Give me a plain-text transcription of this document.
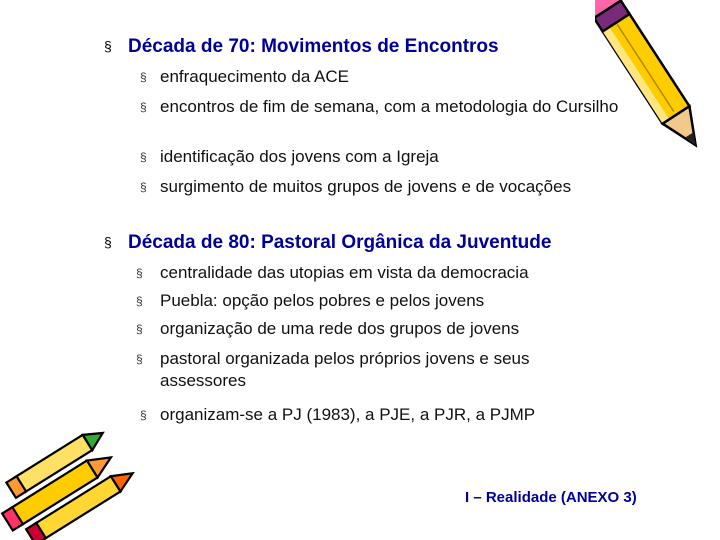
§ Década de 70: Movimentos de Encontros
§ enfraquecimento da ACE
§ encontros de fim de semana, com a metodologia do Cursilho
§ identificação dos jovens com a Igreja
§ surgimento de muitos grupos de jovens e de vocações
§ Década de 80: Pastoral Orgânica da Juventude
§ centralidade das utopias em vista da democracia
§ Puebla: opção pelos pobres e pelos jovens
§ organização de uma rede dos grupos de jovens
§ pastoral organizada pelos próprios jovens e seus assessores
§ organizam-se a PJ (1983), a PJE, a PJR, a PJMP
I – Realidade (ANEXO 3)
